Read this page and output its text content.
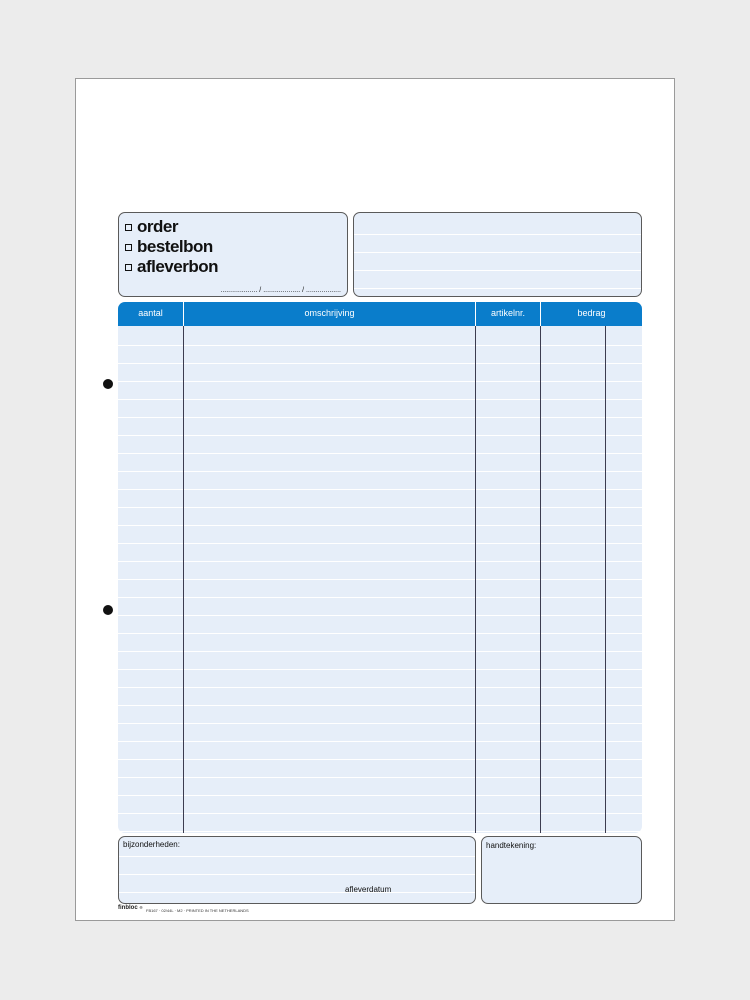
order
bestelbon
afleverbon
................... / ................... / ..................
aantal	omschrijving	artikelnr.	bedrag
bijzonderheden:
afleverdatum
handtekening:
finbloc ®
FB167 · 02/44L · M2 · PRINTED IN THE NETHERLANDS
